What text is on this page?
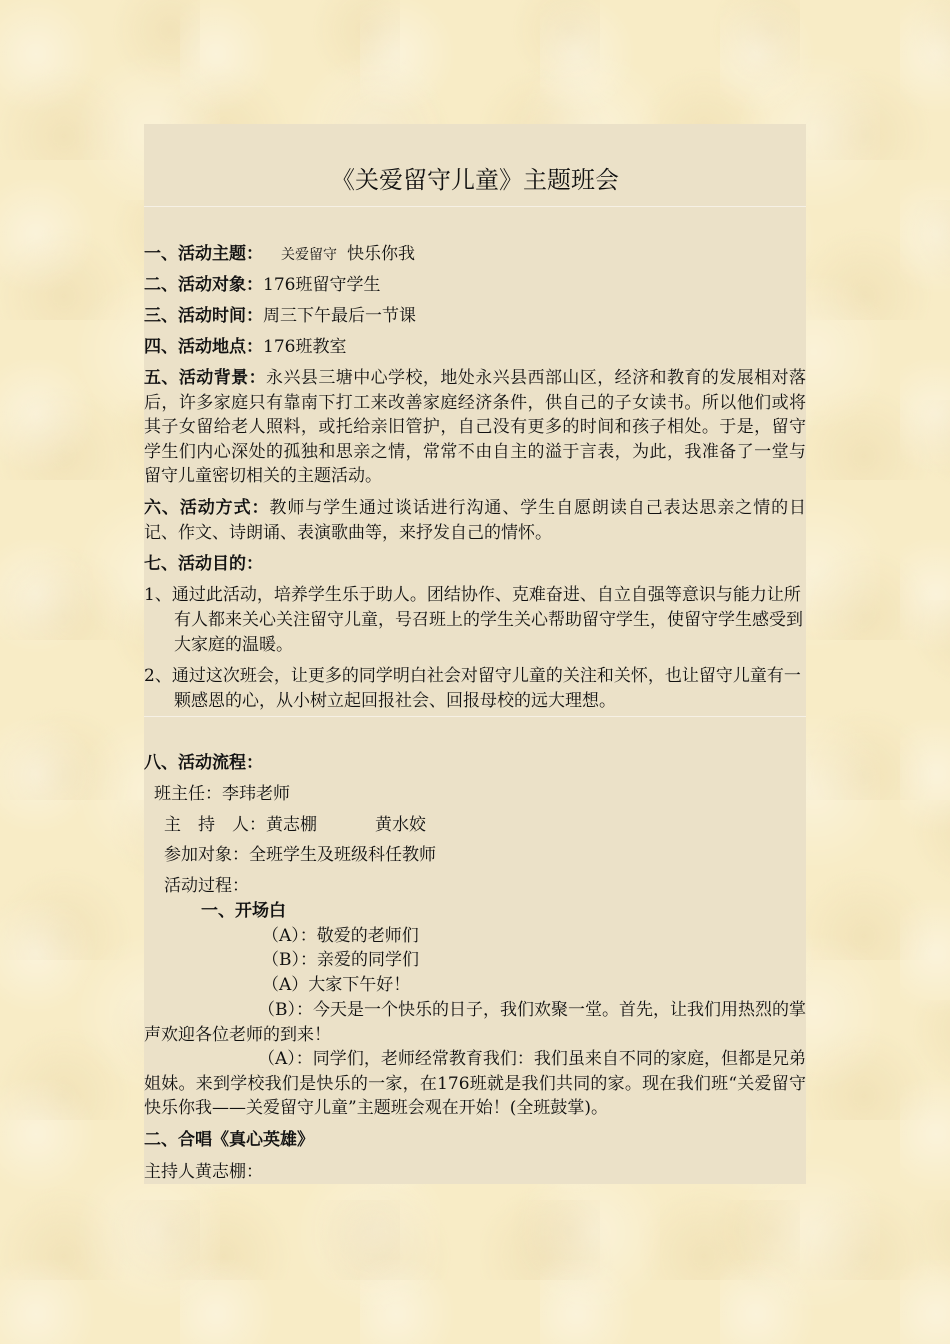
《关爱留守儿童》主题班会
一、活动主题： 关爱留守 快乐你我
二、活动对象：176班留守学生
三、活动时间：周三下午最后一节课
四、活动地点：176班教室
五、活动背景：永兴县三塘中心学校，地处永兴县西部山区，经济和教育的发展相对落后，许多家庭只有靠南下打工来改善家庭经济条件，供自己的子女读书。所以他们或将其子女留给老人照料，或托给亲旧管护，自己没有更多的时间和孩子相处。于是，留守学生们内心深处的孤独和思亲之情，常常不由自主的溢于言表，为此，我准备了一堂与留守儿童密切相关的主题活动。
六、活动方式：教师与学生通过谈话进行沟通、学生自愿朗读自己表达思亲之情的日记、作文、诗朗诵、表演歌曲等，来抒发自己的情怀。
七、活动目的：
1、通过此活动，培养学生乐于助人。团结协作、克难奋进、自立自强等意识与能力让所有人都来关心关注留守儿童，号召班上的学生关心帮助留守学生，使留守学生感受到大家庭的温暖。
2、通过这次班会，让更多的同学明白社会对留守儿童的关注和关怀，也让留守儿童有一颗感恩的心，从小树立起回报社会、回报母校的远大理想。
八、活动流程：
班主任：李玮老师
主　持　人：黄志棚	黄水姣
参加对象：全班学生及班级科任教师
活动过程：
一、开场白
（A）：敬爱的老师们
（B）：亲爱的同学们
（A）大家下午好！
（B）：今天是一个快乐的日子，我们欢聚一堂。首先，让我们用热烈的掌声欢迎各位老师的到来！
（A）：同学们，老师经常教育我们：我们虽来自不同的家庭，但都是兄弟姐妹。来到学校我们是快乐的一家，在176班就是我们共同的家。现在我们班“关爱留守　快乐你我——关爱留守儿童”主题班会观在开始！(全班鼓掌)。
二、合唱《真心英雄》
主持人黄志棚：
